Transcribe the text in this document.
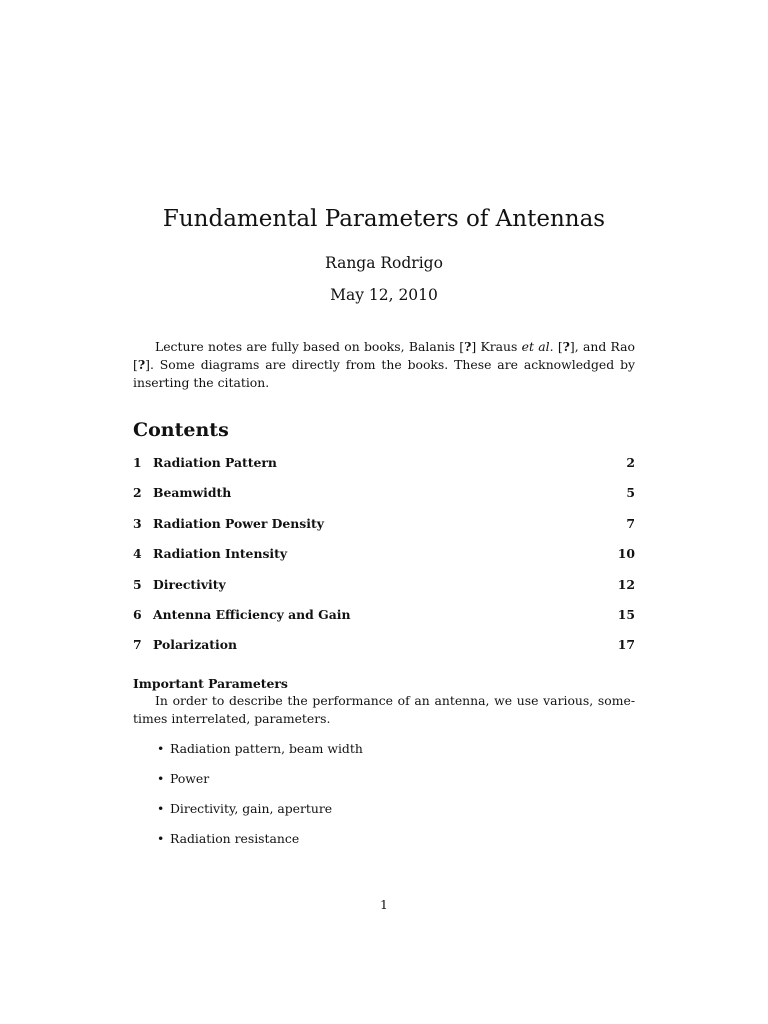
Fundamental Parameters of Antennas
Ranga Rodrigo
May 12, 2010

Lecture notes are fully based on books, Balanis [?] Kraus et al. [?], and Rao [?]. Some diagrams are directly from the books. These are acknowledged by inserting the citation.

Contents
1 Radiation Pattern	2
2 Beamwidth	5
3 Radiation Power Density	7
4 Radiation Intensity	10
5 Directivity	12
6 Antenna Efficiency and Gain	15
7 Polarization	17
Important Parameters

In order to describe the performance of an antenna, we use various, sometimes interrelated, parameters.

• Radiation pattern, beam width
• Power
• Directivity, gain, aperture
• Radiation resistance
1
